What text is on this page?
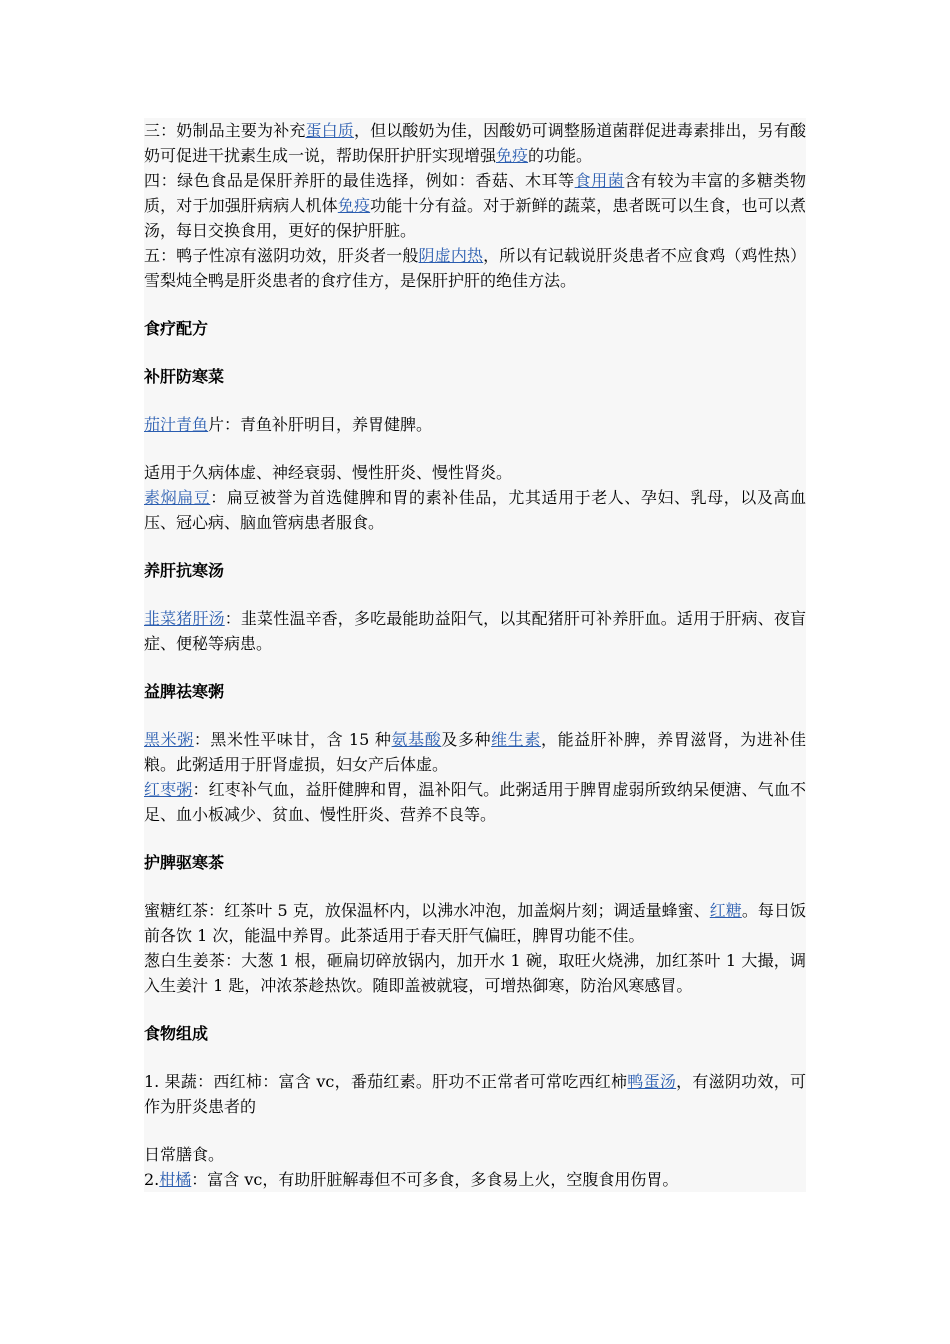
三：奶制品主要为补充蛋白质，但以酸奶为佳，因酸奶可调整肠道菌群促进毒素排出，另有酸奶可促进干扰素生成一说，帮助保肝护肝实现增强免疫的功能。

四：绿色食品是保肝养肝的最佳选择，例如：香菇、木耳等食用菌含有较为丰富的多糖类物质，对于加强肝病病人机体免疫功能十分有益。对于新鲜的蔬菜，患者既可以生食，也可以煮汤，每日交换食用，更好的保护肝脏。

五：鸭子性凉有滋阴功效，肝炎者一般阴虚内热，所以有记载说肝炎患者不应食鸡（鸡性热）雪梨炖全鸭是肝炎患者的食疗佳方，是保肝护肝的绝佳方法。

食疗配方

补肝防寒菜

茄汁青鱼片：青鱼补肝明目，养胃健脾。

适用于久病体虚、神经衰弱、慢性肝炎、慢性肾炎。

素焖扁豆：扁豆被誉为首选健脾和胃的素补佳品，尤其适用于老人、孕妇、乳母，以及高血压、冠心病、脑血管病患者服食。

养肝抗寒汤

韭菜猪肝汤：韭菜性温辛香，多吃最能助益阳气，以其配猪肝可补养肝血。适用于肝病、夜盲症、便秘等病患。

益脾祛寒粥

黑米粥：黑米性平味甘，含 15 种氨基酸及多种维生素，能益肝补脾，养胃滋肾，为进补佳粮。此粥适用于肝肾虚损，妇女产后体虚。

红枣粥：红枣补气血，益肝健脾和胃，温补阳气。此粥适用于脾胃虚弱所致纳呆便溏、气血不足、血小板减少、贫血、慢性肝炎、营养不良等。

护脾驱寒茶

蜜糖红茶：红茶叶 5 克，放保温杯内，以沸水冲泡，加盖焖片刻；调适量蜂蜜、红糖。每日饭前各饮 1 次，能温中养胃。此茶适用于春天肝气偏旺，脾胃功能不佳。

葱白生姜茶：大葱 1 根，砸扁切碎放锅内，加开水 1 碗，取旺火烧沸，加红茶叶 1 大撮，调入生姜汁 1 匙，冲浓茶趁热饮。随即盖被就寝，可增热御寒，防治风寒感冒。

食物组成

1. 果蔬：西红柿：富含 vc，番茄红素。肝功不正常者可常吃西红柿鸭蛋汤，有滋阴功效，可作为肝炎患者的

日常膳食。

2.柑橘：富含 vc，有助肝脏解毒但不可多食，多食易上火，空腹食用伤胃。
